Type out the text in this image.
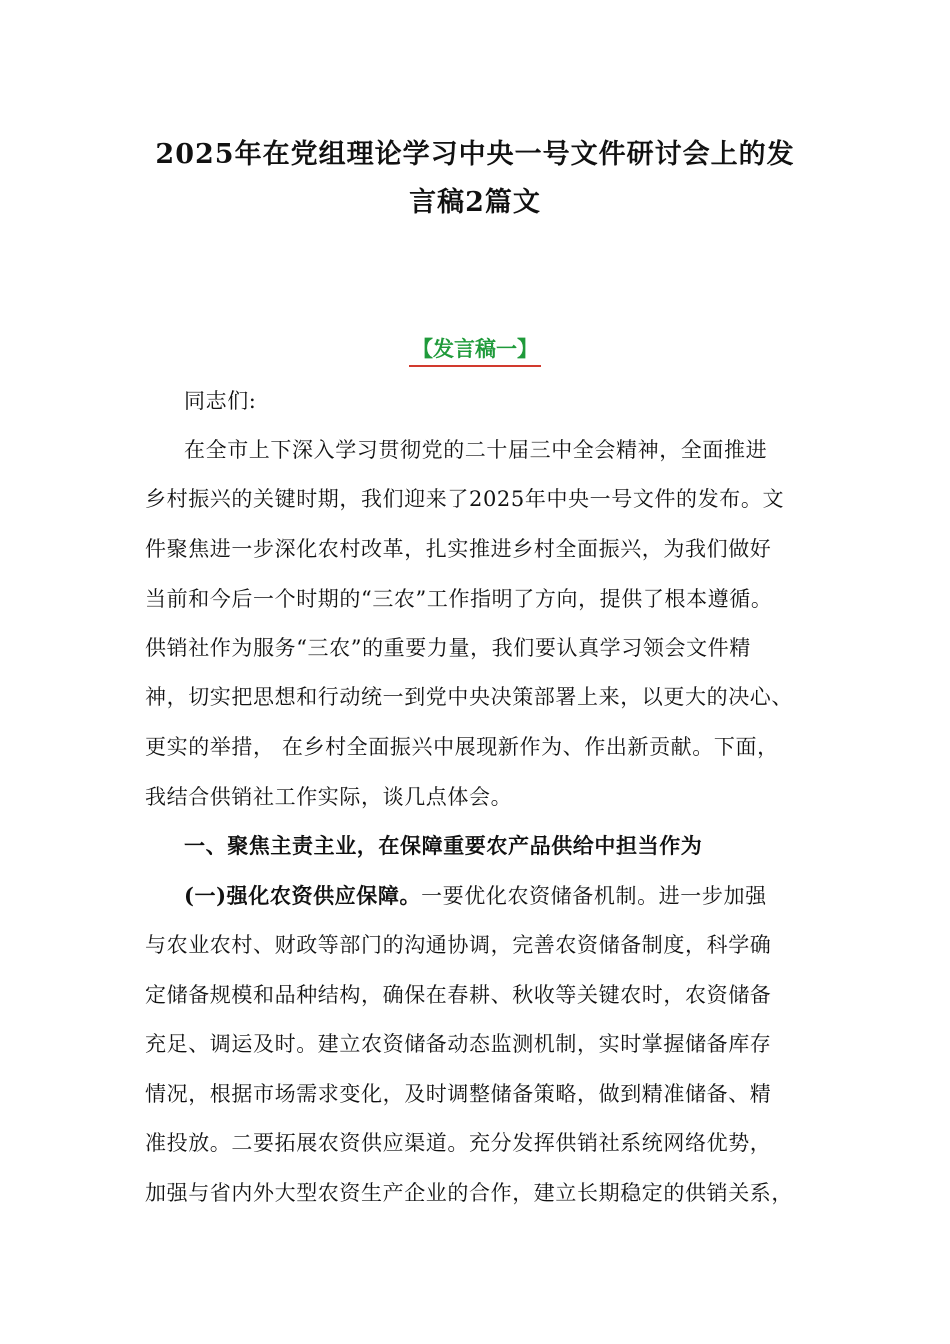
2025年在党组理论学习中央一号文件研讨会上的发
言稿2篇文
【发言稿一】
同志们:
在全市上下深入学习贯彻党的二十届三中全会精神，全面推进
乡村振兴的关键时期，我们迎来了2025年中央一号文件的发布。文
件聚焦进一步深化农村改革，扎实推进乡村全面振兴，为我们做好
当前和今后一个时期的“三农”工作指明了方向，提供了根本遵循。
供销社作为服务“三农”的重要力量，我们要认真学习领会文件精
神，切实把思想和行动统一到党中央决策部署上来，以更大的决心、
更实的举措， 在乡村全面振兴中展现新作为、作出新贡献。下面，
我结合供销社工作实际，谈几点体会。
一、聚焦主责主业，在保障重要农产品供给中担当作为
(一)强化农资供应保障。一要优化农资储备机制。进一步加强
与农业农村、财政等部门的沟通协调，完善农资储备制度，科学确
定储备规模和品种结构，确保在春耕、秋收等关键农时，农资储备
充足、调运及时。建立农资储备动态监测机制，实时掌握储备库存
情况，根据市场需求变化，及时调整储备策略，做到精准储备、精
准投放。二要拓展农资供应渠道。充分发挥供销社系统网络优势，
加强与省内外大型农资生产企业的合作，建立长期稳定的供销关系，
